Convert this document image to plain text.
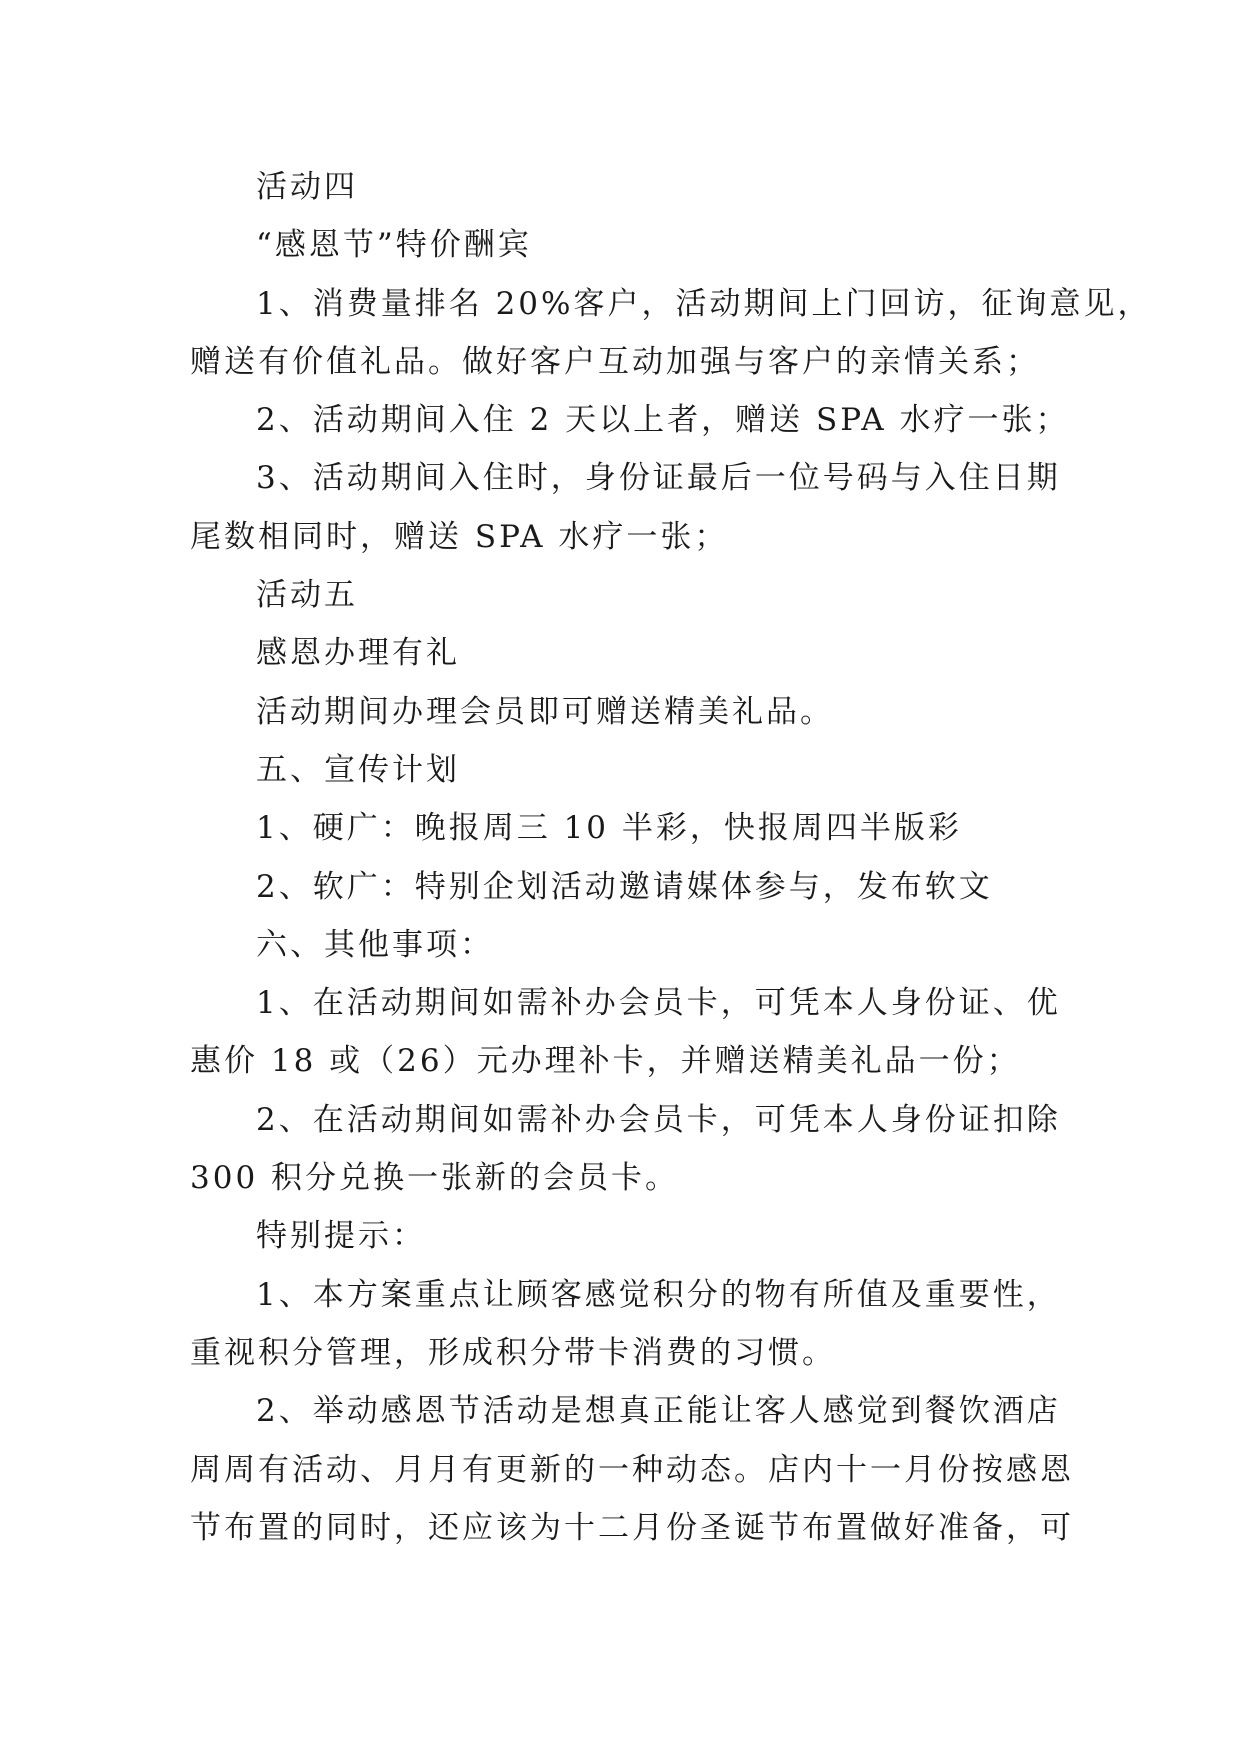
活动四

“感恩节”特价酬宾

1、消费量排名 20%客户，活动期间上门回访，征询意见，

赠送有价值礼品。做好客户互动加强与客户的亲情关系；

2、活动期间入住 2 天以上者，赠送 SPA 水疗一张；

3、活动期间入住时，身份证最后一位号码与入住日期

尾数相同时，赠送 SPA 水疗一张；

活动五

感恩办理有礼

活动期间办理会员即可赠送精美礼品。

五、宣传计划

1、硬广：晚报周三 10 半彩，快报周四半版彩

2、软广：特别企划活动邀请媒体参与，发布软文

六、其他事项：

1、在活动期间如需补办会员卡，可凭本人身份证、优

惠价 18 或（26）元办理补卡，并赠送精美礼品一份；

2、在活动期间如需补办会员卡，可凭本人身份证扣除

300 积分兑换一张新的会员卡。

特别提示：

1、本方案重点让顾客感觉积分的物有所值及重要性，

重视积分管理，形成积分带卡消费的习惯。

2、举动感恩节活动是想真正能让客人感觉到餐饮酒店

周周有活动、月月有更新的一种动态。店内十一月份按感恩

节布置的同时，还应该为十二月份圣诞节布置做好准备，可
